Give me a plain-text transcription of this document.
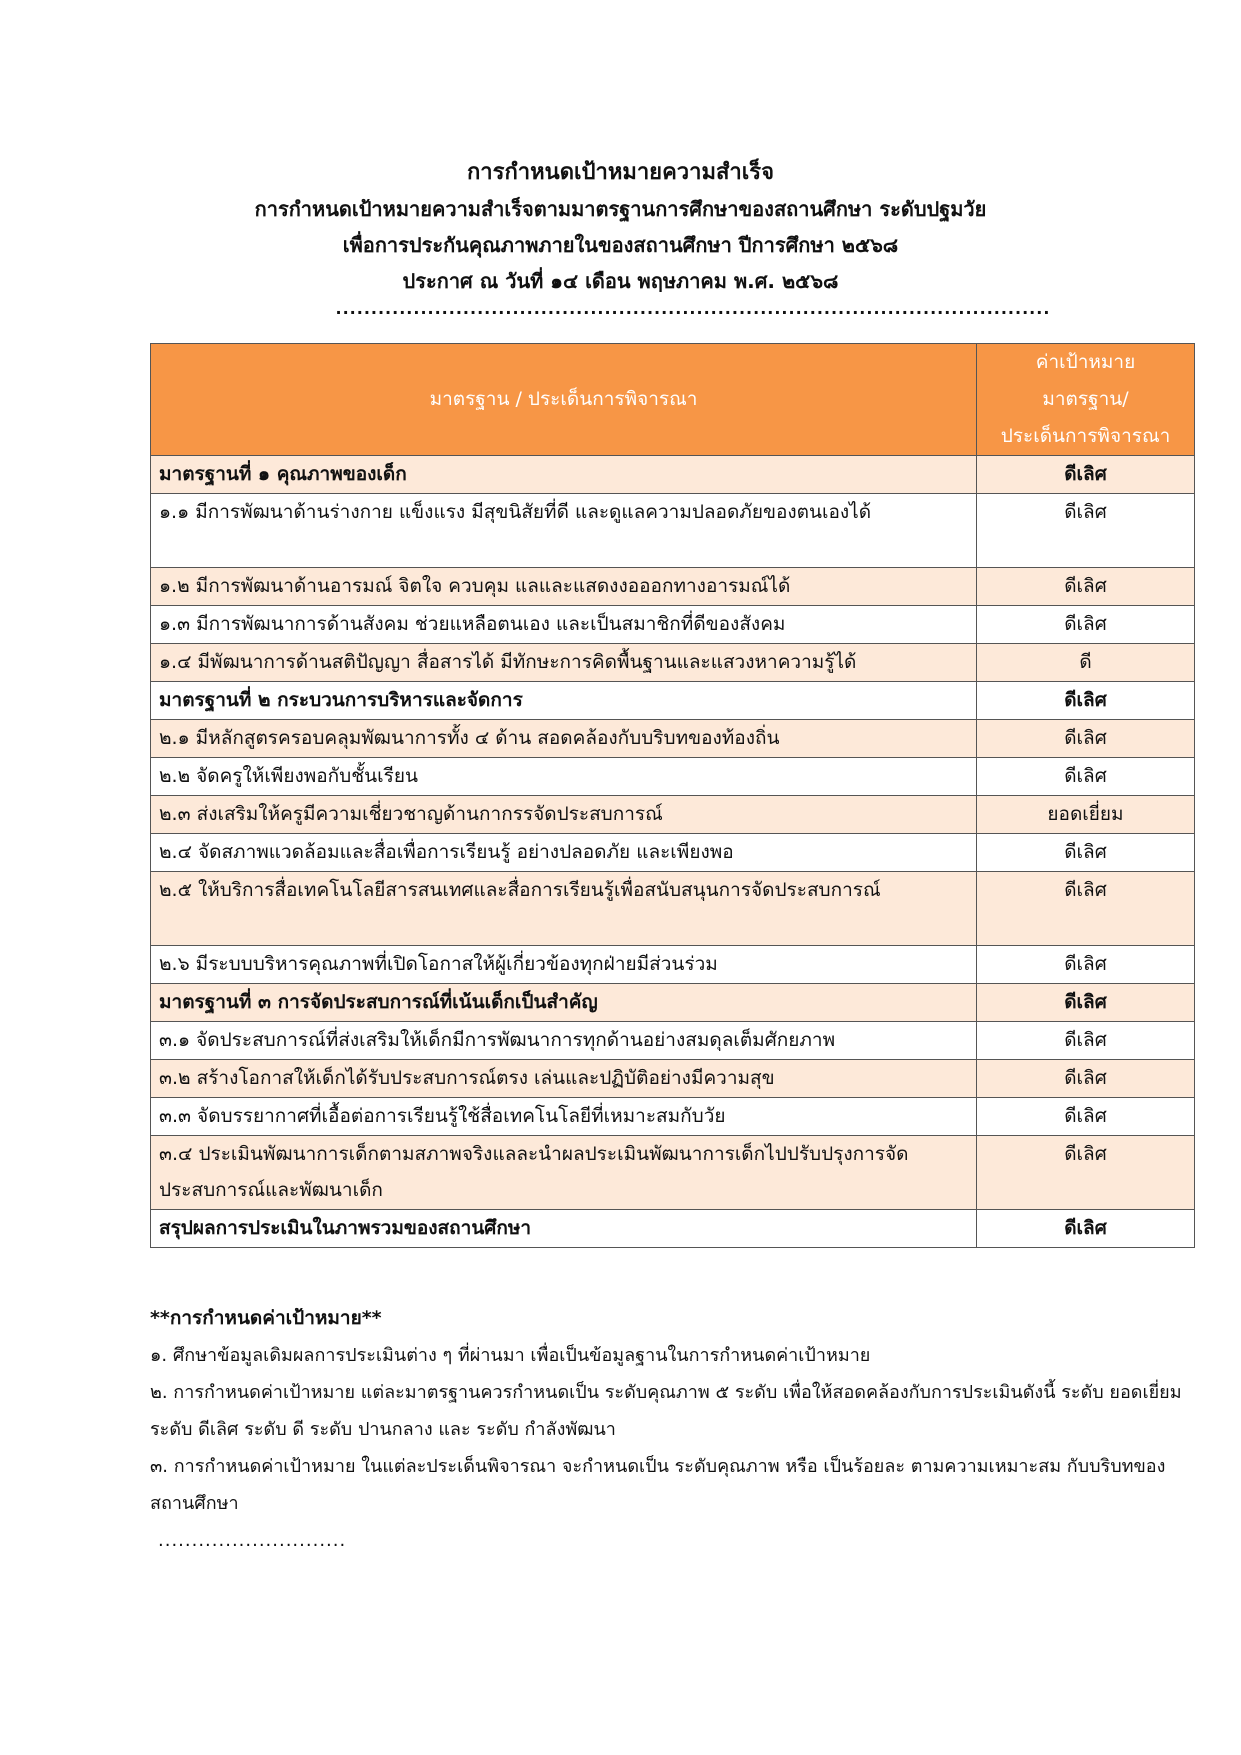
การกำหนดเป้าหมายความสำเร็จ
การกำหนดเป้าหมายความสำเร็จตามมาตรฐานการศึกษาของสถานศึกษา ระดับปฐมวัย
เพื่อการประกันคุณภาพภายในของสถานศึกษา ปีการศึกษา ๒๕๖๘
ประกาศ ณ วันที่ ๑๔ เดือน พฤษภาคม พ.ศ. ๒๕๖๘
.....................................................................................................
มาตรฐาน / ประเด็นการพิจารณา	ค่าเป้าหมาย
มาตรฐาน/
ประเด็นการพิจารณา

มาตรฐานที่ ๑ คุณภาพของเด็ก	ดีเลิศ
๑.๑ มีการพัฒนาด้านร่างกาย แข็งแรง มีสุขนิสัยที่ดี และดูแลความปลอดภัยของตนเองได้	ดีเลิศ
๑.๒ มีการพัฒนาด้านอารมณ์ จิตใจ ควบคุม แลและแสดงงอออกทางอารมณ์ได้	ดีเลิศ
๑.๓ มีการพัฒนาการด้านสังคม ช่วยแหลือตนเอง และเป็นสมาชิกที่ดีของสังคม	ดีเลิศ
๑.๔ มีพัฒนาการด้านสติปัญญา สื่อสารได้ มีทักษะการคิดพื้นฐานและแสวงหาความรู้ได้	ดี
มาตรฐานที่ ๒ กระบวนการบริหารและจัดการ	ดีเลิศ
๒.๑ มีหลักสูตรครอบคลุมพัฒนาการทั้ง ๔ ด้าน สอดคล้องกับบริบทของท้องถิ่น	ดีเลิศ
๒.๒ จัดครูให้เพียงพอกับชั้นเรียน	ดีเลิศ
๒.๓ ส่งเสริมให้ครูมีความเชี่ยวชาญด้านกากรรจัดประสบการณ์	ยอดเยี่ยม
๒.๔ จัดสภาพแวดล้อมและสื่อเพื่อการเรียนรู้ อย่างปลอดภัย และเพียงพอ	ดีเลิศ
๒.๕ ให้บริการสื่อเทคโนโลยีสารสนเทศและสื่อการเรียนรู้เพื่อสนับสนุนการจัดประสบการณ์	ดีเลิศ
๒.๖ มีระบบบริหารคุณภาพที่เปิดโอกาสให้ผู้เกี่ยวข้องทุกฝ่ายมีส่วนร่วม	ดีเลิศ
มาตรฐานที่ ๓ การจัดประสบการณ์ที่เน้นเด็กเป็นสำคัญ	ดีเลิศ
๓.๑ จัดประสบการณ์ที่ส่งเสริมให้เด็กมีการพัฒนาการทุกด้านอย่างสมดุลเต็มศักยภาพ	ดีเลิศ
๓.๒ สร้างโอกาสให้เด็กได้รับประสบการณ์ตรง เล่นและปฏิบัติอย่างมีความสุข	ดีเลิศ
๓.๓ จัดบรรยากาศที่เอื้อต่อการเรียนรู้ใช้สื่อเทคโนโลยีที่เหมาะสมกับวัย	ดีเลิศ
๓.๔ ประเมินพัฒนาการเด็กตามสภาพจริงแลละนำผลประเมินพัฒนาการเด็กไปปรับปรุงการจัดประสบการณ์และพัฒนาเด็ก	ดีเลิศ
สรุปผลการประเมินในภาพรวมของสถานศึกษา	ดีเลิศ
**การกำหนดค่าเป้าหมาย**

๑. ศึกษาข้อมูลเดิมผลการประเมินต่าง ๆ ที่ผ่านมา เพื่อเป็นข้อมูลฐานในการกำหนดค่าเป้าหมาย

๒. การกำหนดค่าเป้าหมาย แต่ละมาตรฐานควรกำหนดเป็น ระดับคุณภาพ ๕ ระดับ เพื่อให้สอดคล้องกับการประเมินดังนี้ ระดับ ยอดเยี่ยม ระดับ ดีเลิศ ระดับ ดี ระดับ ปานกลาง และ ระดับ กำลังพัฒนา

๓. การกำหนดค่าเป้าหมาย ในแต่ละประเด็นพิจารณา จะกำหนดเป็น ระดับคุณภาพ หรือ เป็นร้อยละ ตามความเหมาะสม กับบริบทของสถานศึกษา

............................
